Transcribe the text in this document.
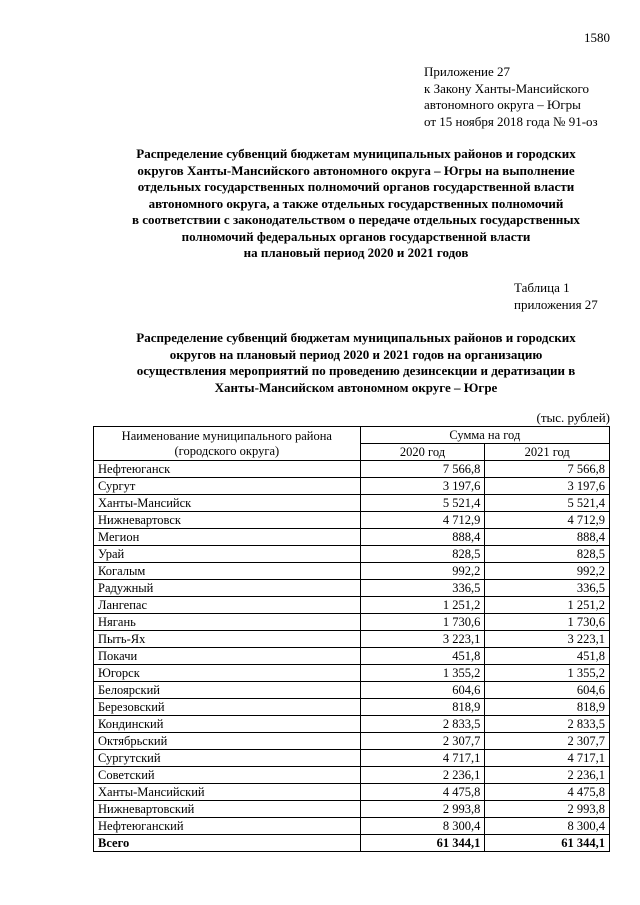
1580
Приложение 27
к Закону Ханты-Мансийского
автономного округа – Югры
от 15 ноября 2018 года № 91-оз
Распределение субвенций бюджетам муниципальных районов и городских
округов Ханты-Мансийского автономного округа – Югры на выполнение
отдельных государственных полномочий органов государственной власти
автономного округа, а также отдельных государственных полномочий
в соответствии с законодательством о передаче отдельных государственных
полномочий федеральных органов государственной власти
на плановый период 2020 и 2021 годов
Таблица 1
приложения 27
Распределение субвенций бюджетам муниципальных районов и городских
округов на плановый период 2020 и 2021 годов на организацию
осуществления мероприятий по проведению дезинсекции и дератизации в
Ханты-Мансийском автономном округе – Югре
(тыс. рублей)
Наименование муниципального района
(городского округа)	Сумма на год	
	2020 год	2021 год
Нефтеюганск	7 566,8	7 566,8
Сургут	3 197,6	3 197,6
Ханты-Мансийск	5 521,4	5 521,4
Нижневартовск	4 712,9	4 712,9
Мегион	888,4	888,4
Урай	828,5	828,5
Когалым	992,2	992,2
Радужный	336,5	336,5
Лангепас	1 251,2	1 251,2
Нягань	1 730,6	1 730,6
Пыть-Ях	3 223,1	3 223,1
Покачи	451,8	451,8
Югорск	1 355,2	1 355,2
Белоярский	604,6	604,6
Березовский	818,9	818,9
Кондинский	2 833,5	2 833,5
Октябрьский	2 307,7	2 307,7
Сургутский	4 717,1	4 717,1
Советский	2 236,1	2 236,1
Ханты-Мансийский	4 475,8	4 475,8
Нижневартовский	2 993,8	2 993,8
Нефтеюганский	8 300,4	8 300,4
Всего	61 344,1	61 344,1
